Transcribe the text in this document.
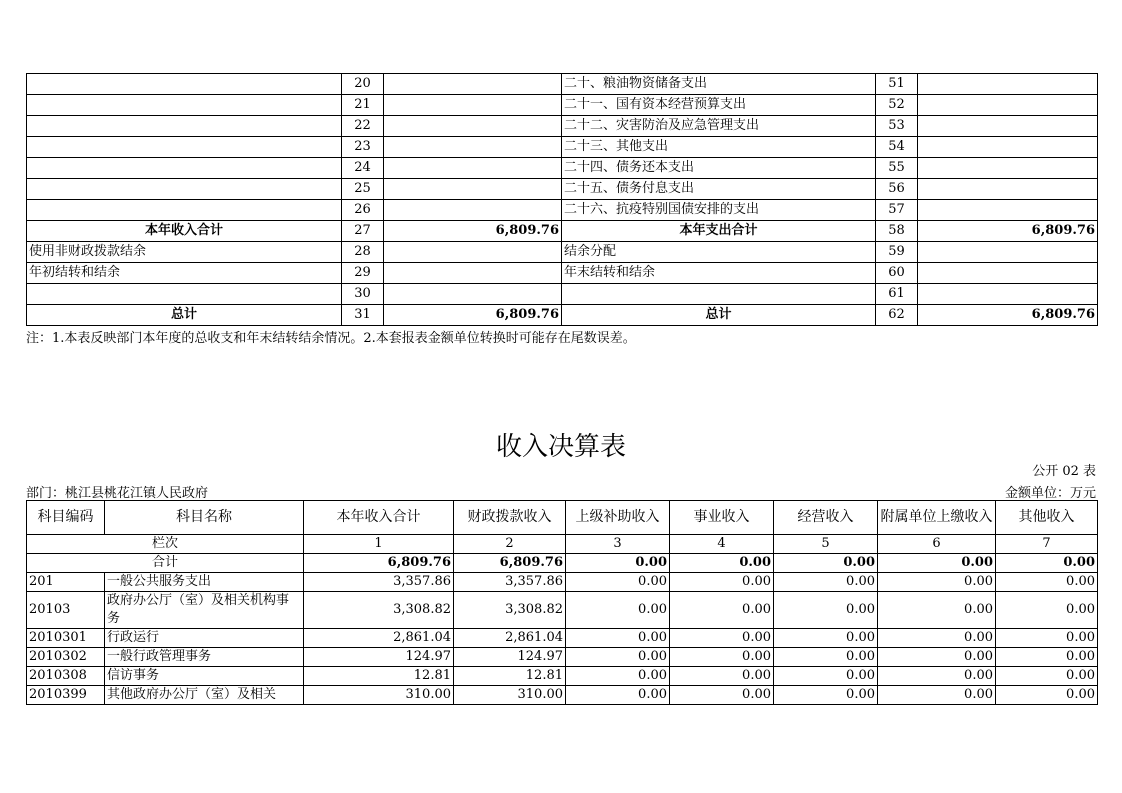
	20		二十、粮油物资储备支出	51	
	21		二十一、国有资本经营预算支出	52	
	22		二十二、灾害防治及应急管理支出	53	
	23		二十三、其他支出	54	
	24		二十四、债务还本支出	55	
	25		二十五、债务付息支出	56	
	26		二十六、抗疫特别国债安排的支出	57	
本年收入合计	27	6,809.76	本年支出合计	58	6,809.76
使用非财政拨款结余	28		结余分配	59	
年初结转和结余	29		年末结转和结余	60	
	30			61	
总计	31	6,809.76	总计	62	6,809.76
注：1.本表反映部门本年度的总收支和年末结转结余情况。2.本套报表金额单位转换时可能存在尾数误差。
收入决算表
公开 02 表
部门：桃江县桃花江镇人民政府	金额单位：万元
科目编码	科目名称	本年收入合计	财政拨款收入	上级补助收入	事业收入	经营收入	附属单位上缴收入	其他收入
栏次		1	2	3	4	5	6	7
合计		6,809.76	6,809.76	0.00	0.00	0.00	0.00	0.00
201	一般公共服务支出	3,357.86	3,357.86	0.00	0.00	0.00	0.00	0.00
20103	政府办公厅（室）及相关机构事务	3,308.82	3,308.82	0.00	0.00	0.00	0.00	0.00
2010301	行政运行	2,861.04	2,861.04	0.00	0.00	0.00	0.00	0.00
2010302	一般行政管理事务	124.97	124.97	0.00	0.00	0.00	0.00	0.00
2010308	信访事务	12.81	12.81	0.00	0.00	0.00	0.00	0.00
2010399	其他政府办公厅（室）及相关	310.00	310.00	0.00	0.00	0.00	0.00	0.00
